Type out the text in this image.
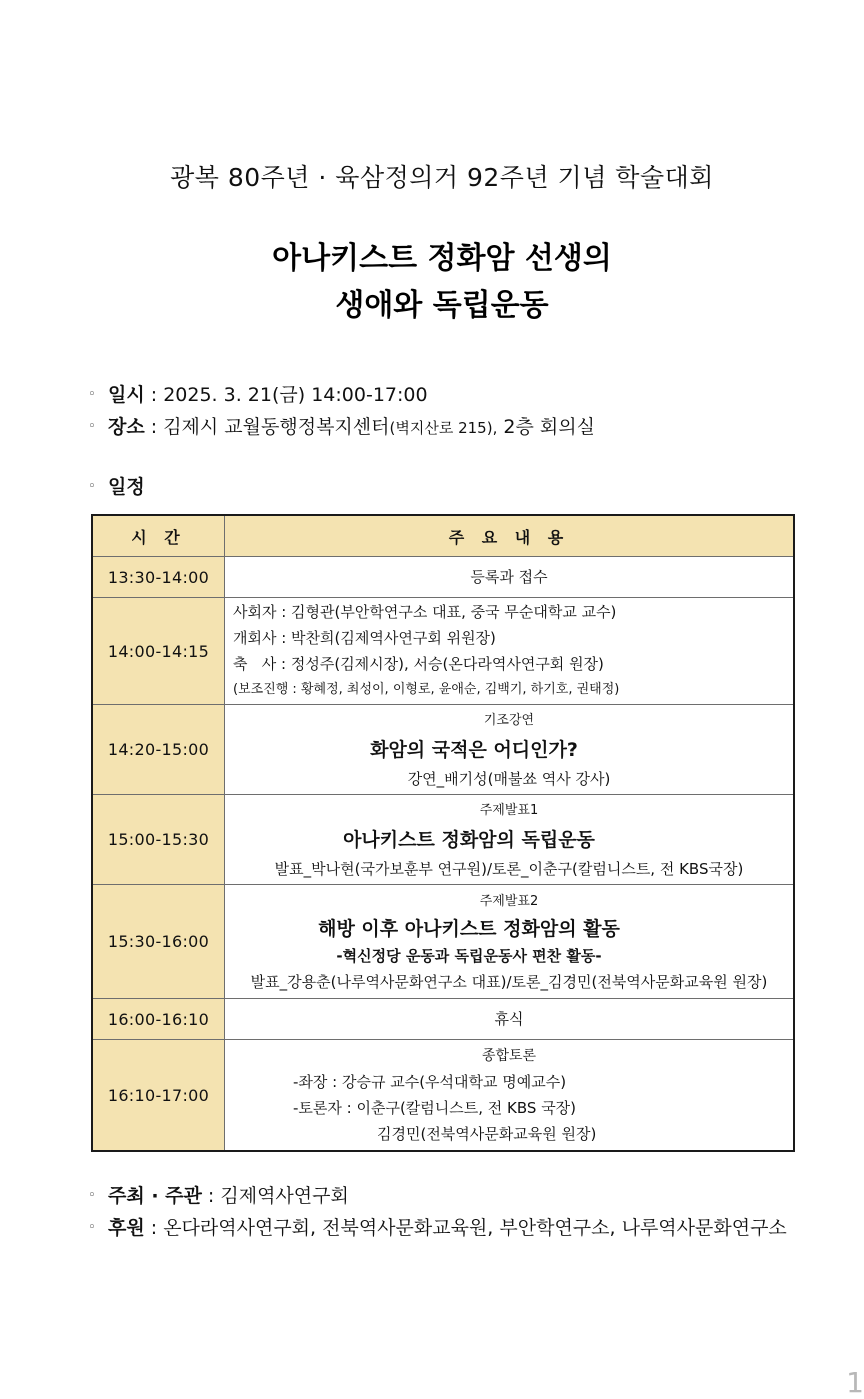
광복 80주년 · 육삼정의거 92주년 기념 학술대회
아나키스트 정화암 선생의
생애와 독립운동
◦ 일시 : 2025. 3. 21(금) 14:00-17:00
◦ 장소 : 김제시 교월동행정복지센터(벽지산로 215), 2층 회의실
◦ 일정
시 간	주 요 내 용
13:30-14:00	등록과 접수

14:00-14:15	사회자 : 김형관(부안학연구소 대표, 중국 무순대학교 교수)
개회사 : 박찬희(김제역사연구회 위원장)
축   사 : 정성주(김제시장), 서승(온다라역사연구회 원장)
(보조진행 : 황혜정, 최성이, 이형로, 윤애순, 김백기, 하기호, 권태정)

14:20-15:00	기조강연
화암의 국적은 어디인가?
강연_배기성(매불쑈 역사 강사)

15:00-15:30	주제발표1
아나키스트 정화암의 독립운동
발표_박나현(국가보훈부 연구원)/토론_이춘구(칼럼니스트, 전 KBS국장)

15:30-16:00	주제발표2
해방 이후 아나키스트 정화암의 활동
-혁신정당 운동과 독립운동사 편찬 활동-
발표_강용춘(나루역사문화연구소 대표)/토론_김경민(전북역사문화교육원 원장)

16:00-16:10	휴식

16:10-17:00	종합토론
-좌장 : 강승규 교수(우석대학교 명예교수)
-토론자 : 이춘구(칼럼니스트, 전 KBS 국장)
김경민(전북역사문화교육원 원장)
◦ 주최 · 주관 : 김제역사연구회
◦ 후원 : 온다라역사연구회, 전북역사문화교육원, 부안학연구소, 나루역사문화연구소
1
